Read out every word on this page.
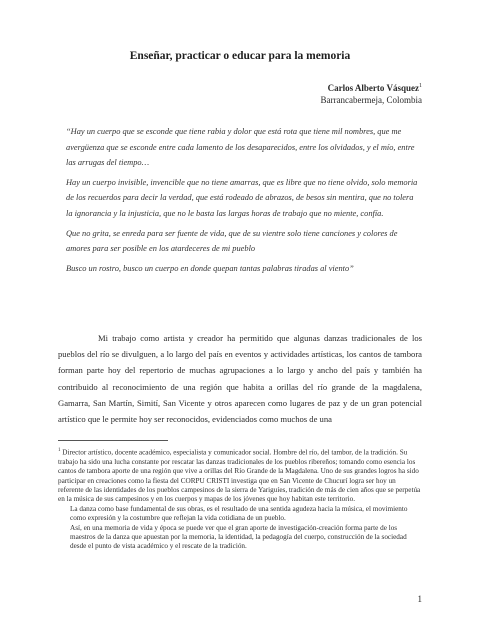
Enseñar, practicar o educar para la memoria
Carlos Alberto Vásquez$^1$
Barrancabermeja, Colombia

“Hay un cuerpo que se esconde que tiene rabia y dolor que está rota que tiene mil nombres, que me avergüenza que se esconde entre cada lamento de los desaparecidos, entre los olvidados, y el mío, entre las arrugas del tiempo…

Hay un cuerpo invisible, invencible que no tiene amarras, que es libre que no tiene olvido, solo memoria de los recuerdos para decir la verdad, que está rodeado de abrazos, de besos sin mentira, que no tolera la ignorancia y la injusticia, que no le basta las largas horas de trabajo que no miente, confía.

Que no grita, se enreda para ser fuente de vida, que de su vientre solo tiene canciones y colores de amores para ser posible en los atardeceres de mi pueblo

Busco un rostro, busco un cuerpo en donde quepan tantas palabras tiradas al viento”

Mi trabajo como artista y creador ha permitido que algunas danzas tradicionales de los pueblos del río se divulguen, a lo largo del país en eventos y actividades artísticas, los cantos de tambora forman parte hoy del repertorio de muchas agrupaciones a lo largo y ancho del país y también ha contribuido al reconocimiento de una región que habita a orillas del río grande de la magdalena, Gamarra, San Martín, Simití, San Vicente y otros aparecen como lugares de paz y de un gran potencial artístico que le permite hoy ser reconocidos, evidenciados como muchos de una

$^1$ Director artístico, docente académico, especialista y comunicador social. Hombre del río, del tambor, de la tradición. Su trabajo ha sido una lucha constante por rescatar las danzas tradicionales de los pueblos ribereños; tomando como esencia los cantos de tambora aporte de una región que vive a orillas del Río Grande de la Magdalena. Uno de sus grandes logros ha sido participar en creaciones como la fiesta del CORPU CRISTI investiga que en San Vicente de Chucurí logra ser hoy un referente de las identidades de los pueblos campesinos de la sierra de Yariguíes, tradición de más de cien años que se perpetúa en la música de sus campesinos y en los cuerpos y mapas de los jóvenes que hoy habitan este territorio.

La danza como base fundamental de sus obras, es el resultado de una sentida agudeza hacia la música, el movimiento como expresión y la costumbre que reflejan la vida cotidiana de un pueblo.

Así, en una memoria de vida y época se puede ver que el gran aporte de investigación-creación forma parte de los maestros de la danza que apuestan por la memoria, la identidad, la pedagogía del cuerpo, construcción de la sociedad desde el punto de vista académico y el rescate de la tradición.

1
